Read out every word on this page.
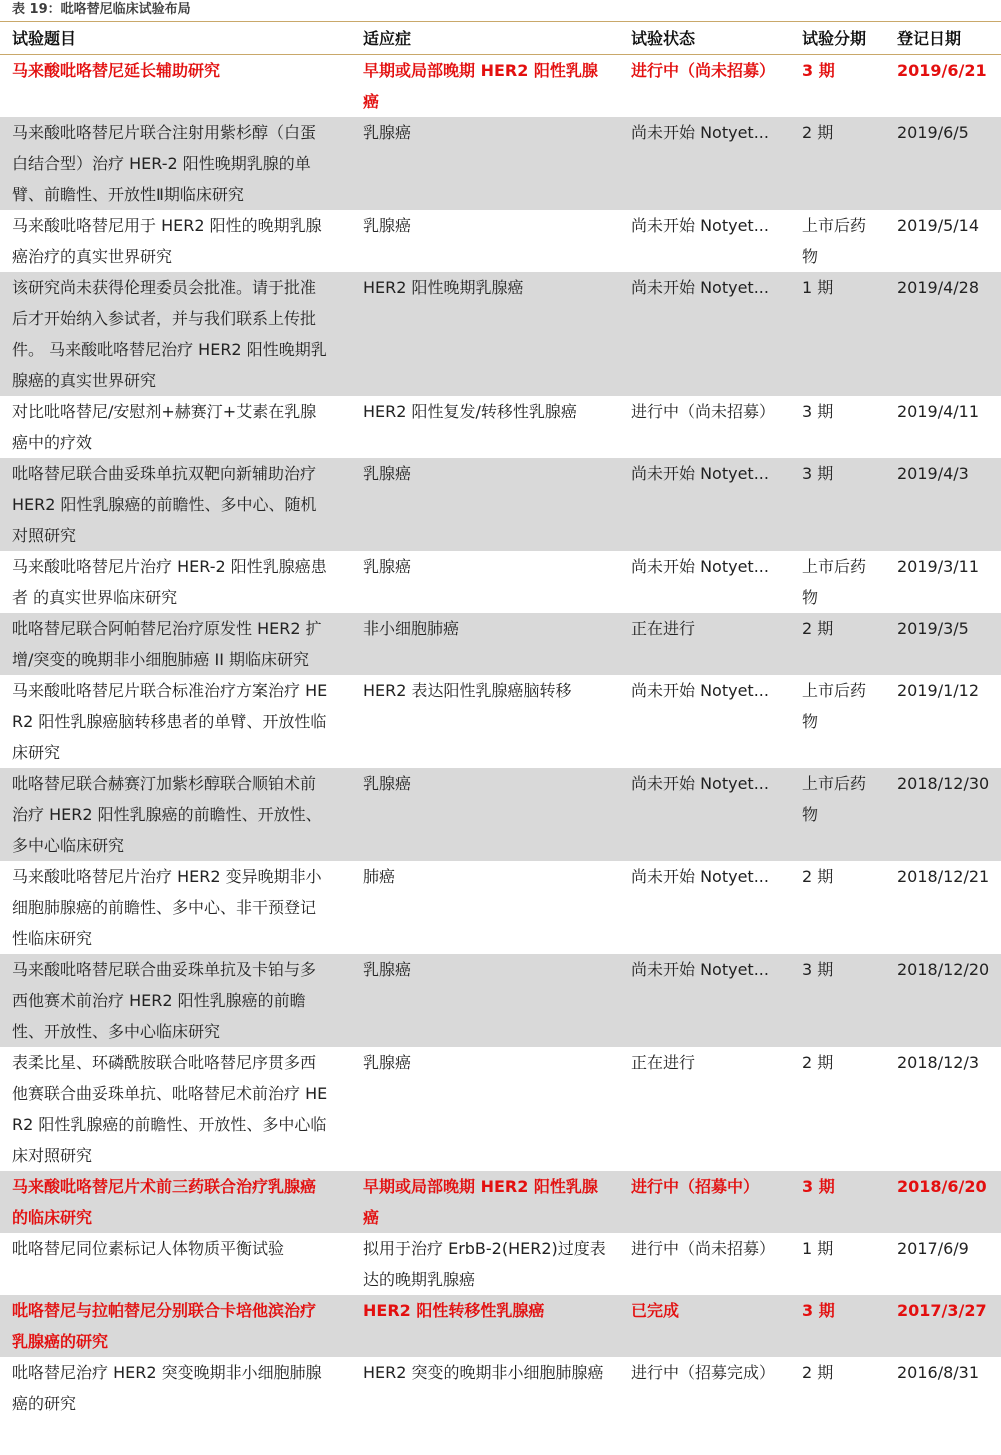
表 19：吡咯替尼临床试验布局
试验题目	适应症	试验状态	试验分期	登记日期
马来酸吡咯替尼延长辅助研究	早期或局部晚期 HER2 阳性乳腺癌	进行中（尚未招募）	3 期	2019/6/21
马来酸吡咯替尼片联合注射用紫杉醇（白蛋白结合型）治疗 HER-2 阳性晚期乳腺的单臂、前瞻性、开放性Ⅱ期临床研究	乳腺癌	尚未开始 Notyet...	2 期	2019/6/5
马来酸吡咯替尼用于 HER2 阳性的晚期乳腺癌治疗的真实世界研究	乳腺癌	尚未开始 Notyet...	上市后药物	2019/5/14
该研究尚未获得伦理委员会批准。请于批准后才开始纳入参试者，并与我们联系上传批件。 马来酸吡咯替尼治疗 HER2 阳性晚期乳腺癌的真实世界研究	HER2 阳性晚期乳腺癌	尚未开始 Notyet...	1 期	2019/4/28
对比吡咯替尼/安慰剂+赫赛汀+艾素在乳腺癌中的疗效	HER2 阳性复发/转移性乳腺癌	进行中（尚未招募）	3 期	2019/4/11
吡咯替尼联合曲妥珠单抗双靶向新辅助治疗 HER2 阳性乳腺癌的前瞻性、多中心、随机对照研究	乳腺癌	尚未开始 Notyet...	3 期	2019/4/3
马来酸吡咯替尼片治疗 HER-2 阳性乳腺癌患者 的真实世界临床研究	乳腺癌	尚未开始 Notyet...	上市后药物	2019/3/11
吡咯替尼联合阿帕替尼治疗原发性 HER2 扩增/突变的晚期非小细胞肺癌 II 期临床研究	非小细胞肺癌	正在进行	2 期	2019/3/5
马来酸吡咯替尼片联合标准治疗方案治疗 HER2 阳性乳腺癌脑转移患者的单臂、开放性临床研究	HER2 表达阳性乳腺癌脑转移	尚未开始 Notyet...	上市后药物	2019/1/12
吡咯替尼联合赫赛汀加紫杉醇联合顺铂术前治疗 HER2 阳性乳腺癌的前瞻性、开放性、多中心临床研究	乳腺癌	尚未开始 Notyet...	上市后药物	2018/12/30
马来酸吡咯替尼片治疗 HER2 变异晚期非小细胞肺腺癌的前瞻性、多中心、非干预登记性临床研究	肺癌	尚未开始 Notyet...	2 期	2018/12/21
马来酸吡咯替尼联合曲妥珠单抗及卡铂与多西他赛术前治疗 HER2 阳性乳腺癌的前瞻性、开放性、多中心临床研究	乳腺癌	尚未开始 Notyet...	3 期	2018/12/20
表柔比星、环磷酰胺联合吡咯替尼序贯多西他赛联合曲妥珠单抗、吡咯替尼术前治疗 HER2 阳性乳腺癌的前瞻性、开放性、多中心临床对照研究	乳腺癌	正在进行	2 期	2018/12/3
马来酸吡咯替尼片术前三药联合治疗乳腺癌的临床研究	早期或局部晚期 HER2 阳性乳腺癌	进行中（招募中）	3 期	2018/6/20
吡咯替尼同位素标记人体物质平衡试验	拟用于治疗 ErbB-2(HER2)过度表达的晚期乳腺癌	进行中（尚未招募）	1 期	2017/6/9
吡咯替尼与拉帕替尼分别联合卡培他滨治疗乳腺癌的研究	HER2 阳性转移性乳腺癌	已完成	3 期	2017/3/27
吡咯替尼治疗 HER2 突变晚期非小细胞肺腺癌的研究	HER2 突变的晚期非小细胞肺腺癌	进行中（招募完成）	2 期	2016/8/31
